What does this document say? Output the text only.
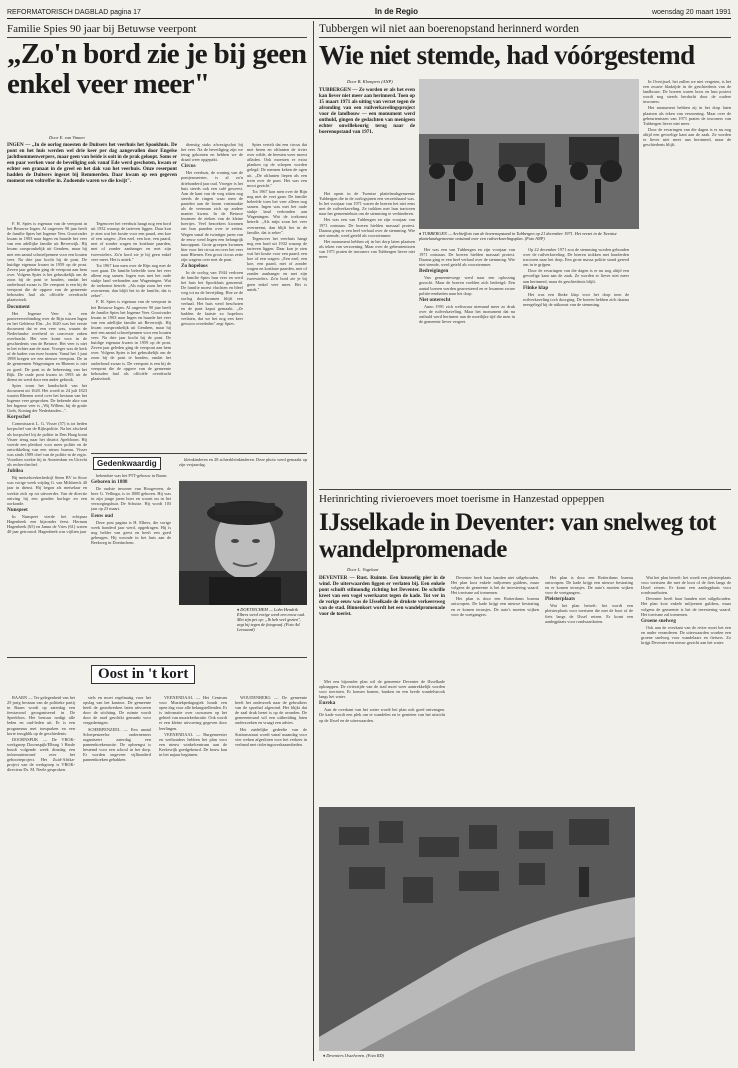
REFORMATORISCH DAGBLAD pagina 17	In de Regio	woensdag 20 maart 1991
Familie Spies 90 jaar bij Betuwse veerpont
„Zo'n bord zie je bij geen enkel veer meer"
Door E. van Vianen
INGEN — „In de oorlog moesten de Duitsers het veerhuis het Spookhuis. De pont en het huis werden wel drie keer per dag aangevallen door Engelse jachtbommenwerpers, maar geen van beide is ooit in de prak geloopt. Soms er een paar werken voor de beveiliging ook vanaf Ede werd geschoten, kwam er echter een granaat in de greel en het dak van het veerhuis. Onze reserpont hadden de Duitsers ingezet bij Remmerden. Daar kwam op een gegeven moment een voltreffer in. Zodoende waren we die kwijt".

F. H. Spies is eigenaar van de veerpont in het Betuwse Ingen. Al ongeveer 90 jaar heeft de familie Spies het Ingense Veer. Grootvader kwam in 1903 naar Ingen en huurde het veer van een adellijke familie uit Beverwijk. Hij kwam oorspronkelijk uit Gendren, maar hij met een aantal schroefpennen voor een houten veer. Na drie jaar kocht hij de pont. De huidige eigenaar kwam in 1959 op de pont. Zeven jaar geleden ging de veerpont aan hem over. Volgens Spies is het gebruikelijk om de zoon bij de pont te houden, omdat het onderhoud zwaar is. De veerpont is een bij de veerpont die de opgave van de gemeente behouden had als officiële overdracht plaatsvindt.

Document

Het Ingense Veer is een pontveerverbinding over de Rijn tussen Ingen en het Gelderse Elst. „In 1620 was het eerste document dat er een veer was, waarin de Nederlandse overheid in concessie zaken overbracht. Het veer komt voor in de geschiedenis van de Betuwe. Het veer is niet in het echter aan de staat. Vroeger was de kerk of de kaden van twee houten. Vanaf het 1 juni 1998 kregen we een nieuwe veerpont. De in de gemeenten Wageningen en Rhenen is niet zo goed. De pont in de beheersing van het Rijk. De oude pont kwam in 1993 uit de dienst en werd door een ander gebruik.

Spies toont het handschrift van het document uit 1620. Het wordt in 24 juli 1823 waarin Rhenen werd over het bestaan van het Ingense veer gesproken. De bekende akte van het Ingense veer is „Wij Willem, bij de gratie Gods, Koning der Nederlanden...".

Korpschef

Commissaris L. G. Visser (57) is tot heden korpschef van de Rijkspolitie. Na het afscheid als korpschef bij de politie in Den Haag komt Visser terug naar het district Apeldoorn. Hij voerde een pleidooi voor meer politie en de ontwikkeling van een nieuw bureau. Visser was sinds 1989 chef van de politie in de regio. Voordien werkte hij in Amsterdam en Utrecht als recherchechef.

Jubilea

Bij metselwerkerbedrijf Steen BV in Stroe was vorige week vrijdag G. van Milsbeeck 40 jaar in dienst. Hij begon als metselaar en werkte zich op tot uitvoerder. Van de directie ontving hij een gouden horloge en een oorkonde.

Nunspeet

In Nunspeet vierde het echtpaar Hagenbeek een bijzonder feest. Herman Hagenbeek (65) en Janna de Vries (61) waren 40 jaar getrouwd. Hagenbeek was vijftien jaar

Tegenover het veerhuis hangt nog een bord uit 1932 waarop de tarieven liggen. Daar kon je zien wat het kostte voor een paard, een koe of een wagen: „Een ezel, een koe, een paard, met of zonder wagen en kostbare paarden, met of zonder aanhanger en met zijn tweewielers. Zo'n bord zie je bij geen enkel veer meer. Het is uniek."

Tot 1967 kon men over de Rijn nog met de voet gaan. De familie beleefde toen het veer alleen nog samen. Ingen was met het oude stukje land verbonden aan Wageningen. Wat de toekomst betreft: „Als mijn zoon het veer overneemt, dan blijft het in de familie, dat is zeker".

F. H. Spies is eigenaar van de veerpont in het Betuwse Ingen. Al ongeveer 90 jaar heeft de familie Spies het Ingense Veer. Grootvader kwam in 1903 naar Ingen en huurde het veer van een adellijke familie uit Beverwijk. Hij kwam oorspronkelijk uit Gendren, maar hij met een aantal schroefpennen voor een houten veer. Na drie jaar kocht hij de pont. De huidige eigenaar kwam in 1959 op de pont. Zeven jaar geleden ging de veerpont aan hem over. Volgens Spies is het gebruikelijk om de zoon bij de pont te houden, omdat het onderhoud zwaar is. De veerpont is een bij de veerpont die de opgave van de gemeente behouden had als officiële overdracht plaatsvindt.

dienstig staks afwezigschat bij het veer. Na de beveiliging zijn we terug gekomen en hebben we de draad weer opgepakt.

Circus

Het veerhuis, de woning van de pontjesmeester, is al zo'n driehonderd jaar oud. Vroeger is het huis steeds ook een café geweest. Aan de kant van de weg zitten nog steeds de ringen waar men de paarden aan de boom vastmaakte als de veerman zich op andere manier kwam. In de Betuwe kwamen de zieken van de kleine boertjes. Veel bezoekers kwamen om hun paarden over te zetten. Wegen vanaf de twintiger jaren van de eeuw werd Ingen een belangrijk knooppunt. Grote groepen kwamen hier voor het circus en over het veer naar Rhenen. Een groot circus zette zijn wagens over met de pont.

Zo hopeloos

In de oorlog van 1944 verloren de familie Spies hun veer en werd het huis het Spookhuis genoemd. De familie moest vluchten en bleef weg tot na de bevrijding. Hoe ze de oorlog doorkwamen blijft een verhaal. Het huis werd beschoten en de pont kapot gemaakt. „Ze hadden de laatste zo hopeloos verlaten, dat we het nog een keer gewoon overdeden" zegt Spies.

Spies vertelt dat een circus dat met beren en olifanten de rivier over wilde, de beesten weer moest afladen. Ook moesten er extra planken op de schepen worden gelegd. De mensen keken de ogen uit. „De olifanten liepen als een trein over de pont. Het was een mooi gezicht."

Tot 1967 kon men over de Rijn nog met de voet gaan. De familie beleefde toen het veer alleen nog samen. Ingen was met het oude stukje land verbonden aan Wageningen. Wat de toekomst betreft: „Als mijn zoon het veer overneemt, dan blijft het in de familie, dat is zeker".

Tegenover het veerhuis hangt nog een bord uit 1932 waarop de tarieven liggen. Daar kon je zien wat het kostte voor een paard, een koe of een wagen: „Een ezel, een koe, een paard, met of zonder wagen en kostbare paarden, met of zonder aanhanger en met zijn tweewielers. Zo'n bord zie je bij geen enkel veer meer. Het is uniek."

Gedenkwaardig

bekendste was het PTT-gebouw in Baarn.

Geboren in 1888

De oudste inwoner van Hoogeveen, de heer G. Vellinga, is in 1888 geboren. Hij was in zijn jonge jaren boer en woont nu in het verzorgingshuis De Schutse. Hij wordt 103 jaar op 23 maart.

Eeuw oud

Deze post pagina is H. Elbers, die vorige week honderd jaar werd, opgedragen. Hij is nog helder van geest en heeft een goed geheugen. Hij woonde in het huis aan de Beekweg in Doetinchem.

kleinkinderen en 28 achterkleinkinderen. Deze photo werd gemaakt op zijn verjaardag.

♦ DOETINCHEM — Lobo Hendrik Elbers werd vorige week een eeuw oud. Met zijn pet op: „Ik heb veel gezien", zegt hij tegen de fotograaf. (Foto Ad Leenaard)
Oost in 't kort

BAARN — Ter gelegenheid van het 25-jarig bestaan van de politieke partij in Baarn wordt op zaterdag een feestavond georganiseerd in De Speeldoos. Het bestuur nodigt alle leden en oud-leden uit. Er is een programma met toespraken en een korte terugblik op de geschiedenis.

DOORNSPIJK — De VBOK-werkgroep Doornspijk/Elburg 't Harde houdt volgende week dinsdag een informatieavond over het geboorteproject. Het Zuid-Afrika-project van de werkgroep is VBOK-directeur Ds. M. Neele gesproken.

stels en moet regelmatig voor het opslag van het kantoor. De gemeente heeft de grondwerken laten uitvoeren door de stichting. De ruimte wordt door de raad geschikt gemaakt voor vergaderingen.

SCHERPENZEEL — Een aantal Scherpenzeelse ondernemers organiseert zaterdag een pannenkoekenactie. De opbrengst is bestemd voor een school in het dorp. Er worden ongeveer vijfhonderd pannenkoeken gebakken.

VEENENDAAL — Het Centrum voor Muziekpedagogiek houdt een open dag voor alle belangstellenden. Er is informatie over cursussen op het gebied van muziekeducatie. Ook wordt er een kleine uitvoering gegeven door leerlingen.

VEENENDAAL — Burgemeester en wethouders hebben het plan voor een nieuw winkelcentrum aan de Kerkewijk goedgekeurd. De bouw kan in het najaar beginnen.

WOUDENBERG — De gemeente heeft het onderzoek naar de gebruikers van de sporthal afgerond. Het blijkt dat de zaal druk bezet is op de avonden. De gemeenteraad wil een uitbreiding laten onderzoeken en vraagt een advies.

Het zuidelijke gedeelte van de Stationsstraat wordt vanaf maandag voor vier weken afgesloten voor het verkeer in verband met rioleringswerkzaamheden.

Tubbergen wil niet aan boerenopstand herinnerd worden
Wie niet stemde, had vóórgestemd
Door B. Klompers (ANP)
TUBBERGEN — Ze worden er als het even kan liever niet meer aan herinnerd. Toen op 15 maart 1971 als uiting van verzet tegen de afronding van een ruilverkavelingsproject voor de landbouw — een monument werd onthuld, gingen de gedachten van menigeen echter onwillekeurig terug naar de boerenopstand van 1971.
♦ TUBBERGEN — Archieffoto van de boerenopstand in Tubbergen op 21 december 1971. Het verzet in de Twentse plattelandsgemeente ontstond over een ruilverkavelingsplan. (Foto ANP)

Het opent in de Twentse plattelandsgemeente Tubbergen die in de oorlogsjaren een verzetshaard was. In het voorjaar van 1971 waren de boeren het niet eens met de ruilverkaveling. Ze trokken met hun tractoren naar het gemeentehuis om de stemming te verhinderen.

Het was een van Tubbergen en zijn voorjaar van 1971 ontstaan. De boeren hielden massaal protest. Daarna ging er een heel verhaal over de stemming. Wie niet stemde, werd geteld als voorstemmer.

Het monument hebben zij in het dorp laten plaatsen als teken van verzoening. Maar over de gebeurtenissen van 1971 praten de inwoners van Tubbergen liever niet meer.

Het was een van Tubbergen en zijn voorjaar van 1971 ontstaan. De boeren hielden massaal protest. Daarna ging er een heel verhaal over de stemming. Wie niet stemde, werd geteld als voorstemmer.

Bedreigingen

Van gemeentewege werd naar een oplossing gezocht. Maar de boeren voelden zich bedreigd. Een aantal boeren werden gearresteerd en er kwamen zware politie-eenheden naar het dorp.

Niet onterecht

Anno 1991 zich weliswaar niemand meer zo druk over de ruilverkaveling. Maar het monument dat nu onthuld werd herinnert aan de moeilijke tijd die men in de gemeente liever vergeet.

Op 22 december 1971 zou de stemming worden gehouden over de ruilverkaveling. De boeren trokken met honderden tractoren naar het dorp. Een grote massa politie stond gereed om in te grijpen.

Door de ervaringen van die dagen is er nu nog altijd een gevoelige kant aan de zaak. Ze worden er liever niet meer aan herinnerd, maar de geschiedenis blijft.

Flinke klap

Het was een flinke klap voor het dorp toen de ruilverkaveling toch doorging. De boeren hebben zich daarna neergelegd bij de uitkomst van de stemming.

In Overijssel, het zullen we niet vergeten, is het een zwarte bladzijde in de geschiedenis van de landbouw. De boeren waren boos en hun protest wordt nog steeds herdacht door de oudere inwoners.

Het monument hebben zij in het dorp laten plaatsen als teken van verzoening. Maar over de gebeurtenissen van 1971 praten de inwoners van Tubbergen liever niet meer.

Door de ervaringen van die dagen is er nu nog altijd een gevoelige kant aan de zaak. Ze worden er liever niet meer aan herinnerd, maar de geschiedenis blijft.

Herinrichting rivieroevers moet toerisme in Hanzestad oppeppen
IJsselkade in Deventer: van snelweg tot wandelpromenade
Door L. Vogelaar
DEVENTER — Rust. Ruimte. Een knusselig pier in de wind. De uiterwaarden liggen er verlaten bij. Een enkele pont schuift stilmondig richting het Deventer. De schrille kreet van een vogel weerkaatst tegen de kade. Tot ver in de vorige eeuw was de IJsselkade de drukste verkeersweg van de stad. Binnenkort wordt het een wandelpromenade voor de toerist.

Met een bijzonder plan wil de gemeente Deventer de IJsselkade opknappen. De rivierzijde van de stad moet weer aantrekkelijk worden voor toeristen. Er komen bomen, banken en een brede wandelstrook langs het water.

Eureka

Aan de overkant van het water wordt het plan ook goed ontvangen. De kade wordt een plek om te wandelen en te genieten van het uitzicht op de IJssel en de uiterwaarden.

Deventer heeft haar handen niet stilgehouden. Het plan kost enkele miljoenen guldens, maar volgens de gemeente is het de investering waard. Het toerisme zal toenemen.

Het plan is door een Rotterdams bureau ontworpen. De kade krijgt een nieuwe bestrating en er komen terrasjes. De auto's moeten wijken voor de voetgangers.

Het plan is door een Rotterdams bureau ontworpen. De kade krijgt een nieuwe bestrating en er komen terrasjes. De auto's moeten wijken voor de voetgangers.

Pleisterplaats

Wat het plan betreft: het wordt een pleisterplaats voor toeristen die met de boot of de fiets langs de IJssel reizen. Er komt een aanlegplaats voor rondvaartboten.

Wat het plan betreft: het wordt een pleisterplaats voor toeristen die met de boot of de fiets langs de IJssel reizen. Er komt een aanlegplaats voor rondvaartboten.

Deventer heeft haar handen niet stilgehouden. Het plan kost enkele miljoenen guldens, maar volgens de gemeente is het de investering waard. Het toerisme zal toenemen.

Groene snelweg

Ook aan de overkant van de rivier moet het een en ander veranderen. De uiterwaarden worden een groene snelweg voor wandelaars en fietsers. Zo krijgt Deventer een nieuw gezicht aan het water.

♦ Deventers IJsselvoren. (Foto RD)
